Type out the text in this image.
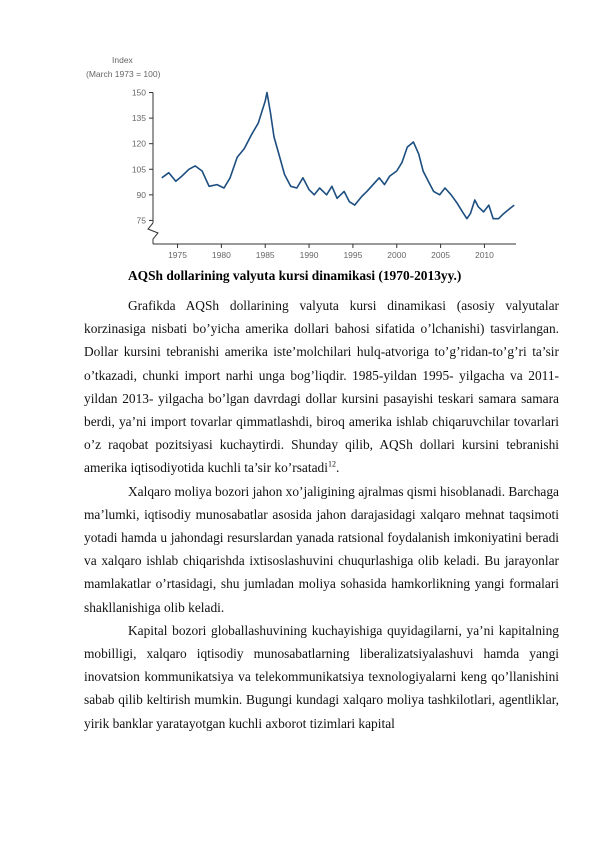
Index
(March 1973 = 100)
75
90
105
120
135
150
1975	1980	1985	1990	1995	2000	2005	2010
AQSh dollarining valyuta kursi dinamikasi (1970-2013yy.)

Grafikda AQSh dollarining valyuta kursi dinamikasi (asosiy valyutalar korzinasiga nisbati bo’yicha amerika dollari bahosi sifatida o’lchanishi) tasvirlangan. Dollar kursini tebranishi amerika iste’molchilari hulq-atvoriga to’g’ridan-to’g’ri ta’sir o’tkazadi, chunki import narhi unga bog’liqdir. 1985-yildan 1995- yilgacha va 2011- yildan 2013- yilgacha bo’lgan davrdagi dollar kursini pasayishi teskari samara samara berdi, ya’ni import tovarlar qimmatlashdi, biroq amerika ishlab chiqaruvchilar tovarlari o’z raqobat pozitsiyasi kuchaytirdi. Shunday qilib, AQSh dollari kursini tebranishi amerika iqtisodiyotida kuchli ta’sir ko’rsatadi$^{12}$.

Xalqaro moliya bozori jahon xo’jaligining ajralmas qismi hisoblanadi. Barchaga ma’lumki, iqtisodiy munosabatlar asosida jahon darajasidagi xalqaro mehnat taqsimoti yotadi hamda u jahondagi resurslardan yanada ratsional foydalanish imkoniyatini beradi va xalqaro ishlab chiqarishda ixtisoslashuvini chuqurlashiga olib keladi. Bu jarayonlar mamlakatlar o’rtasidagi, shu jumladan moliya sohasida hamkorlikning yangi formalari shakllanishiga olib keladi.

Kapital bozori globallashuvining kuchayishiga quyidagilarni, ya’ni kapitalning mobilligi, xalqaro iqtisodiy munosabatlarning liberalizatsiyalashuvi hamda yangi inovatsion kommunikatsiya va telekommunikatsiya texnologiyalarni keng qo’llanishini sabab qilib keltirish mumkin. Bugungi kundagi xalqaro moliya tashkilotlari, agentliklar, yirik banklar yaratayotgan kuchli axborot tizimlari kapital
